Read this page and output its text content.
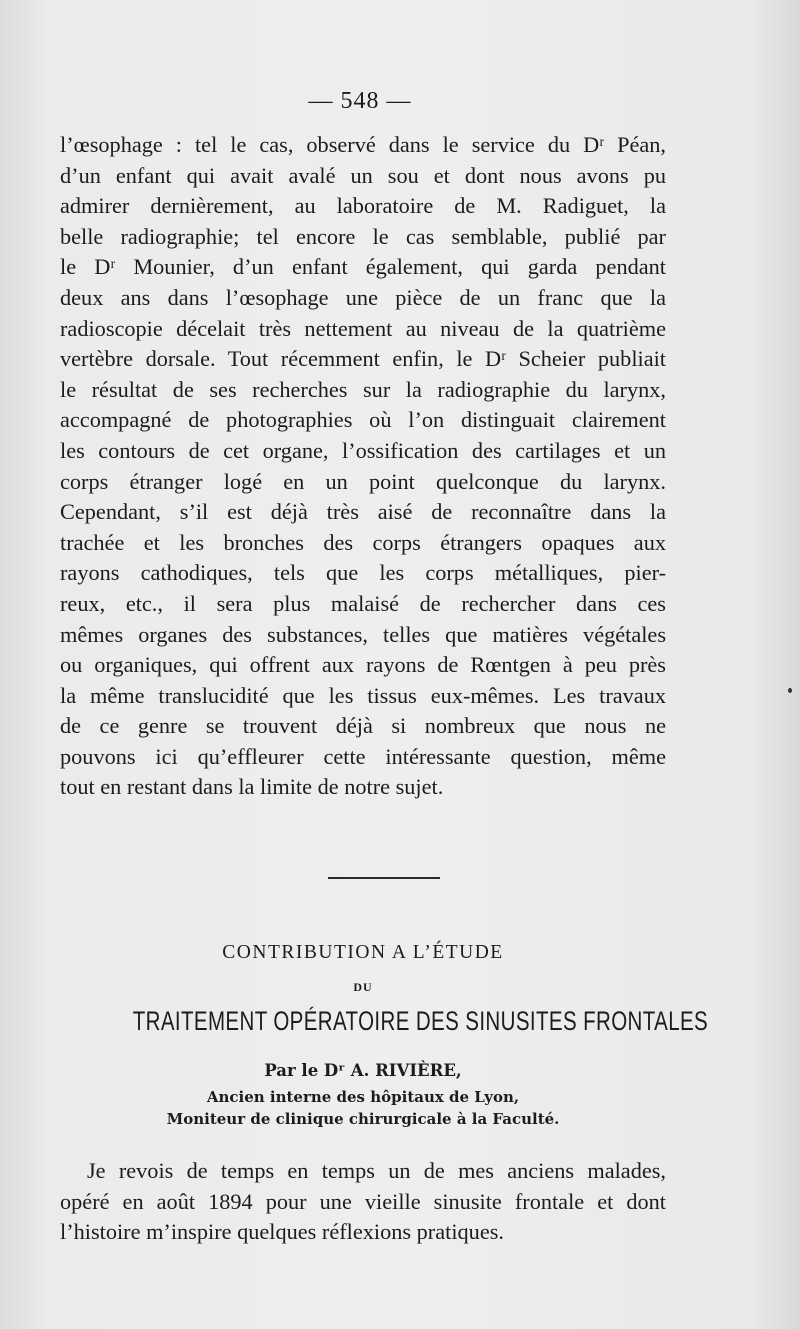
— 548 —
l’œsophage : tel le cas, observé dans le service du Dʳ Péan,
d’un enfant qui avait avalé un sou et dont nous avons pu
admirer dernièrement, au laboratoire de M. Radiguet, la
belle radiographie; tel encore le cas semblable, publié par
le Dʳ Mounier, d’un enfant également, qui garda pendant
deux ans dans l’œsophage une pièce de un franc que la
radioscopie décelait très nettement au niveau de la quatrième
vertèbre dorsale. Tout récemment enfin, le Dʳ Scheier publiait
le résultat de ses recherches sur la radiographie du larynx,
accompagné de photographies où l’on distinguait clairement
les contours de cet organe, l’ossification des cartilages et un
corps étranger logé en un point quelconque du larynx.
Cependant, s’il est déjà très aisé de reconnaître dans la
trachée et les bronches des corps étrangers opaques aux
rayons cathodiques, tels que les corps métalliques, pier-
reux, etc., il sera plus malaisé de rechercher dans ces
mêmes organes des substances, telles que matières végétales
ou organiques, qui offrent aux rayons de Rœntgen à peu près
la même translucidité que les tissus eux-mêmes. Les travaux
de ce genre se trouvent déjà si nombreux que nous ne
pouvons ici qu’effleurer cette intéressante question, même
tout en restant dans la limite de notre sujet.
CONTRIBUTION A L’ÉTUDE
DU
TRAITEMENT OPÉRATOIRE DES SINUSITES FRONTALES
Par le Dʳ A. RIVIÈRE,
Ancien interne des hôpitaux de Lyon,
Moniteur de clinique chirurgicale à la Faculté.
Je revois de temps en temps un de mes anciens malades,
opéré en août 1894 pour une vieille sinusite frontale et dont
l’histoire m’inspire quelques réflexions pratiques.
